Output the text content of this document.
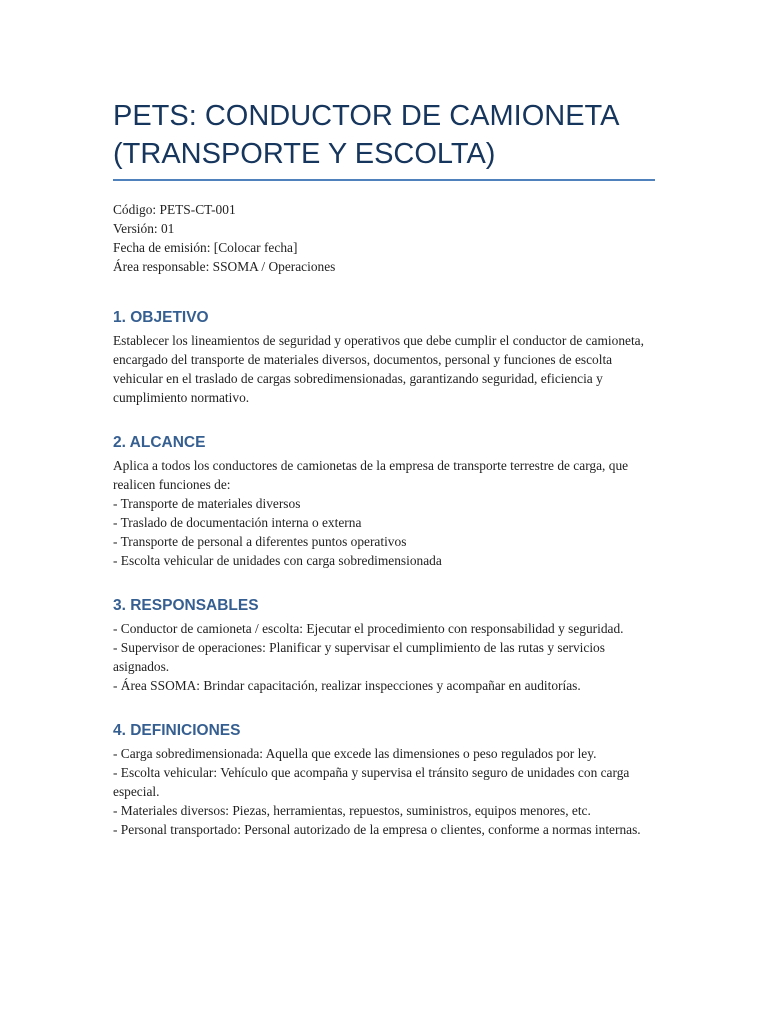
PETS: CONDUCTOR DE CAMIONETA
(TRANSPORTE Y ESCOLTA)

Código: PETS-CT-001

Versión: 01

Fecha de emisión: [Colocar fecha]

Área responsable: SSOMA / Operaciones

1. OBJETIVO

Establecer los lineamientos de seguridad y operativos que debe cumplir el conductor de camioneta, encargado del transporte de materiales diversos, documentos, personal y funciones de escolta vehicular en el traslado de cargas sobredimensionadas, garantizando seguridad, eficiencia y cumplimiento normativo.

2. ALCANCE

Aplica a todos los conductores de camionetas de la empresa de transporte terrestre de carga, que realicen funciones de:

- Transporte de materiales diversos

- Traslado de documentación interna o externa

- Transporte de personal a diferentes puntos operativos

- Escolta vehicular de unidades con carga sobredimensionada

3. RESPONSABLES

- Conductor de camioneta / escolta: Ejecutar el procedimiento con responsabilidad y seguridad.

- Supervisor de operaciones: Planificar y supervisar el cumplimiento de las rutas y servicios asignados.

- Área SSOMA: Brindar capacitación, realizar inspecciones y acompañar en auditorías.

4. DEFINICIONES

- Carga sobredimensionada: Aquella que excede las dimensiones o peso regulados por ley.

- Escolta vehicular: Vehículo que acompaña y supervisa el tránsito seguro de unidades con carga especial.

- Materiales diversos: Piezas, herramientas, repuestos, suministros, equipos menores, etc.

- Personal transportado: Personal autorizado de la empresa o clientes, conforme a normas internas.
